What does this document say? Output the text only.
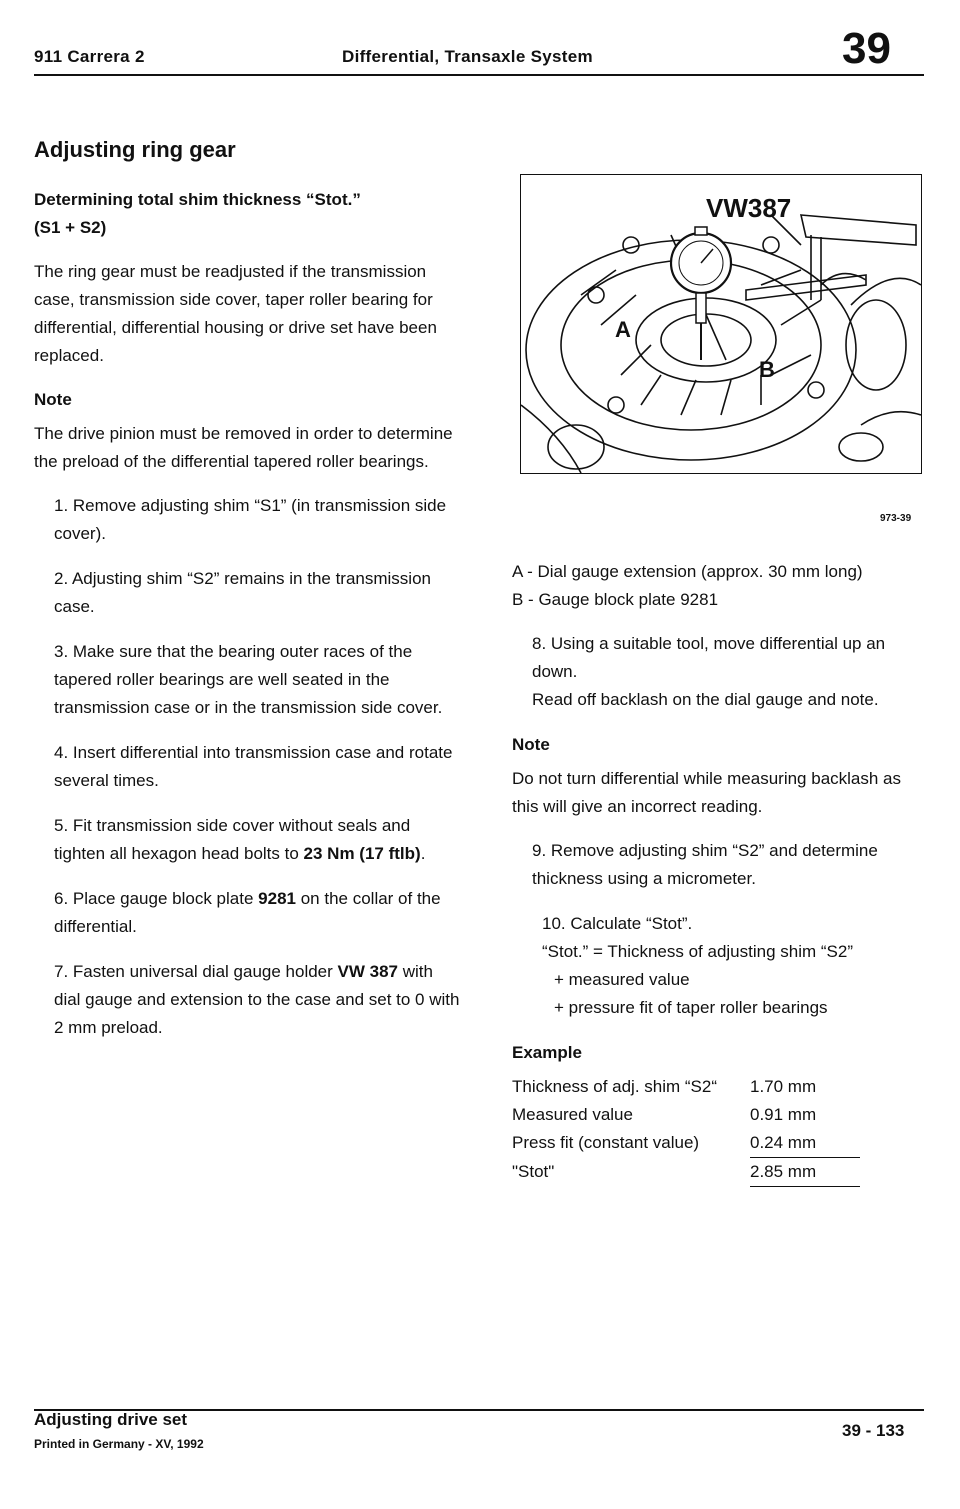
911 Carrera 2	Differential, Transaxle System	39
Adjusting ring gear
Determining total shim thickness “Stot.”
(S1 + S2)

The ring gear must be readjusted if the transmission case, transmission side cover, taper roller bearing for differential, differential housing or drive set have been replaced.

Note

The drive pinion must be removed in order to determine the preload of the differential tapered roller bearings.

1. Remove adjusting shim “S1” (in transmission side cover).
2. Adjusting shim “S2” remains in the transmission case.
3. Make sure that the bearing outer races of the tapered roller bearings are well seated in the transmission case or in the transmission side cover.
4. Insert differential into transmission case and rotate several times.
5. Fit transmission side cover without seals and tighten all hexagon head bolts to 23 Nm (17 ftlb).
6. Place gauge block plate 9281 on the collar of the differential.
7. Fasten universal dial gauge holder VW 387 with dial gauge and extension to the case and set to 0 with 2 mm preload.
VW387
A
B
973-39
A - Dial gauge extension (approx. 30 mm long)
B - Gauge block plate 9281
8. Using a suitable tool, move differential up an down.
Read off backlash on the dial gauge and note.
Note

Do not turn differential while measuring backlash as this will give an incorrect reading.

9. Remove adjusting shim “S2” and determine thickness using a micrometer.
10. Calculate “Stot”.
“Stot.” = Thickness of adjusting shim “S2”
+ measured value
+ pressure fit of taper roller bearings
Example
Thickness of adj. shim “S2“	1.70 mm
Measured value	0.91 mm
Press fit (constant value)	0.24 mm
"Stot"	2.85 mm
Adjusting drive set
Printed in Germany - XV, 1992
39 - 133
